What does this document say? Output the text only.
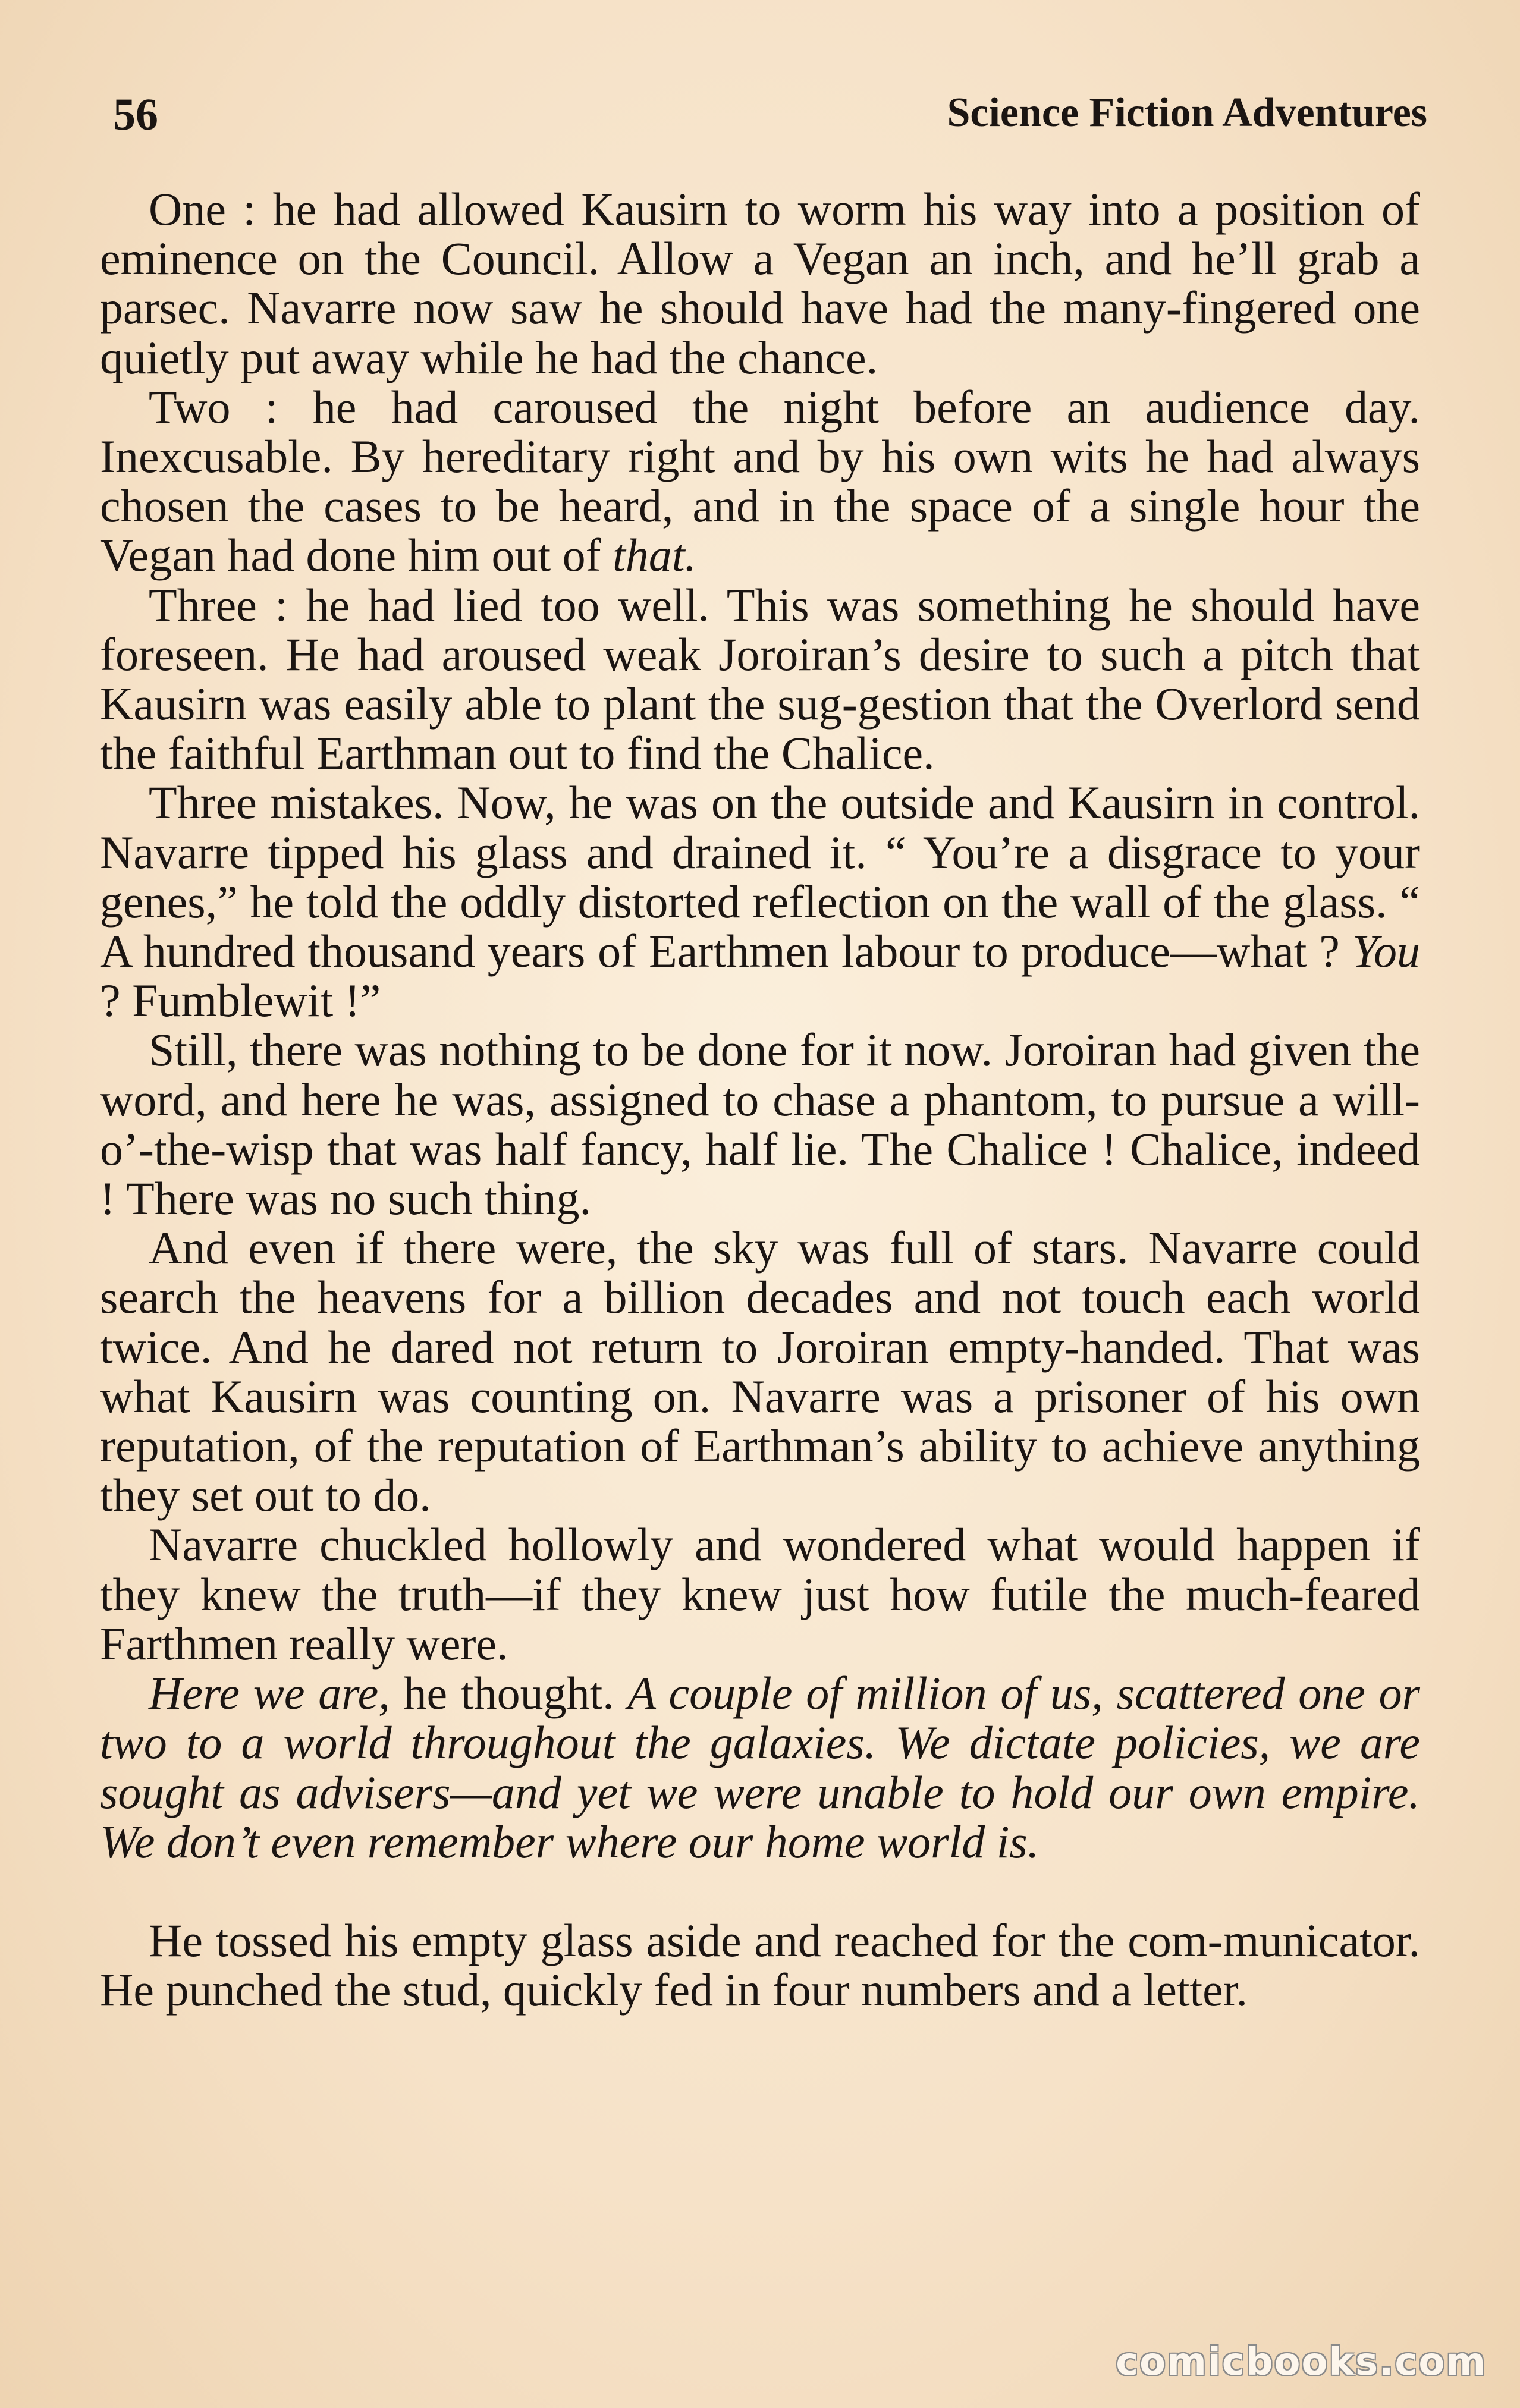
56	Science Fiction Adventures

One : he had allowed Kausirn to worm his way into a position of eminence on the Council. Allow a Vegan an inch, and he’ll grab a parsec. Navarre now saw he should have had the many-fingered one quietly put away while he had the chance.

Two : he had caroused the night before an audience day. Inexcusable. By hereditary right and by his own wits he had always chosen the cases to be heard, and in the space of a single hour the Vegan had done him out of that.

Three : he had lied too well. This was something he should have foreseen. He had aroused weak Joroiran’s desire to such a pitch that Kausirn was easily able to plant the sug-gestion that the Overlord send the faithful Earthman out to find the Chalice.

Three mistakes. Now, he was on the outside and Kausirn in control. Navarre tipped his glass and drained it. “ You’re a disgrace to your genes,” he told the oddly distorted reflection on the wall of the glass. “ A hundred thousand years of Earthmen labour to produce—what ? You ? Fumblewit !”

Still, there was nothing to be done for it now. Joroiran had given the word, and here he was, assigned to chase a phantom, to pursue a will-o’-the-wisp that was half fancy, half lie. The Chalice ! Chalice, indeed ! There was no such thing.

And even if there were, the sky was full of stars. Navarre could search the heavens for a billion decades and not touch each world twice. And he dared not return to Joroiran empty-handed. That was what Kausirn was counting on. Navarre was a prisoner of his own reputation, of the reputation of Earthman’s ability to achieve anything they set out to do.

Navarre chuckled hollowly and wondered what would happen if they knew the truth—if they knew just how futile the much-feared Farthmen really were.

Here we are, he thought. A couple of million of us, scattered one or two to a world throughout the galaxies. We dictate policies, we are sought as advisers—and yet we were unable to hold our own empire. We don’t even remember where our home world is.

He tossed his empty glass aside and reached for the com-municator. He punched the stud, quickly fed in four numbers and a letter.

comicbooks.com
